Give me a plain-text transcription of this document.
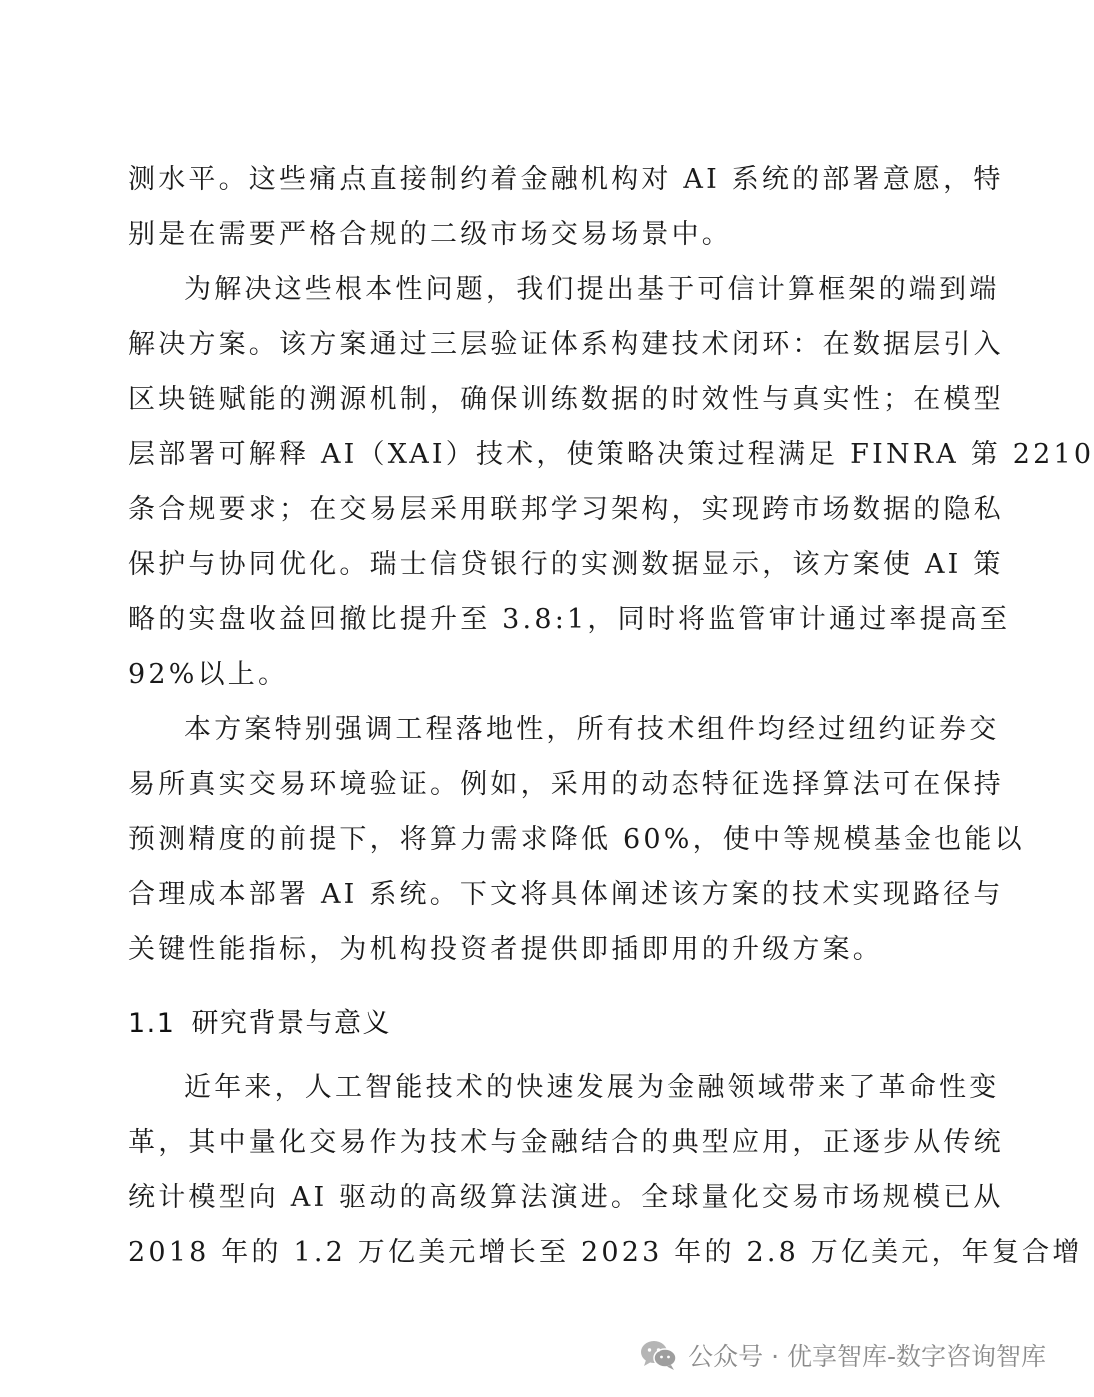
测水平。这些痛点直接制约着金融机构对 AI 系统的部署意愿，特
别是在需要严格合规的二级市场交易场景中。
为解决这些根本性问题，我们提出基于可信计算框架的端到端
解决方案。该方案通过三层验证体系构建技术闭环：在数据层引入
区块链赋能的溯源机制，确保训练数据的时效性与真实性；在模型
层部署可解释 AI（XAI）技术，使策略决策过程满足 FINRA 第 2210
条合规要求；在交易层采用联邦学习架构，实现跨市场数据的隐私
保护与协同优化。瑞士信贷银行的实测数据显示，该方案使 AI 策
略的实盘收益回撤比提升至 3.8:1，同时将监管审计通过率提高至
92%以上。
本方案特别强调工程落地性，所有技术组件均经过纽约证券交
易所真实交易环境验证。例如，采用的动态特征选择算法可在保持
预测精度的前提下，将算力需求降低 60%，使中等规模基金也能以
合理成本部署 AI 系统。下文将具体阐述该方案的技术实现路径与
关键性能指标，为机构投资者提供即插即用的升级方案。
1.1 研究背景与意义
近年来，人工智能技术的快速发展为金融领域带来了革命性变
革，其中量化交易作为技术与金融结合的典型应用，正逐步从传统
统计模型向 AI 驱动的高级算法演进。全球量化交易市场规模已从
2018 年的 1.2 万亿美元增长至 2023 年的 2.8 万亿美元，年复合增
公众号 · 优享智库-数字咨询智库
